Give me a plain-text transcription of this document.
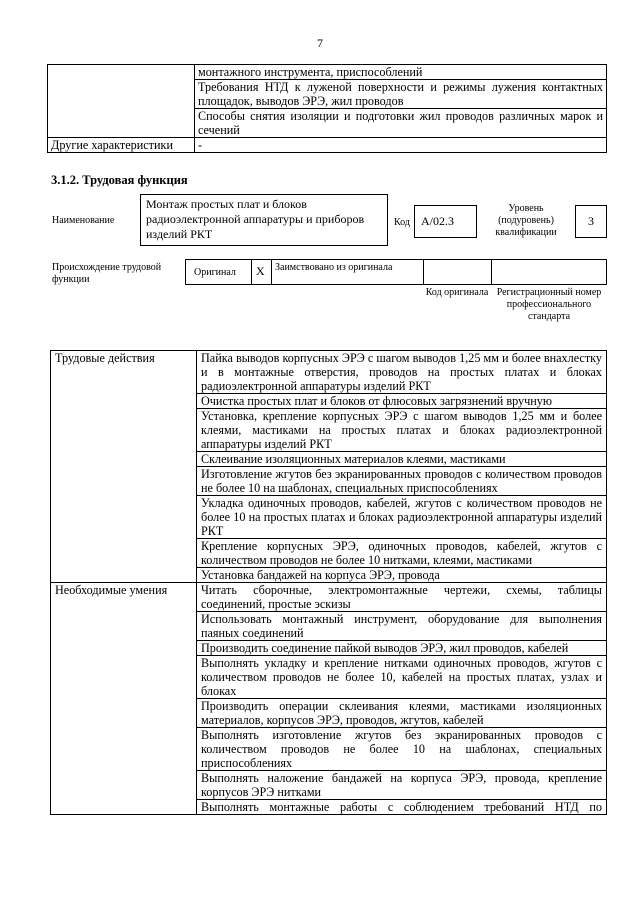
7
	монтажного инструмента, приспособлений
	Требования НТД к луженой поверхности и режимы лужения контактных площадок, выводов ЭРЭ, жил проводов
	Способы снятия изоляции и подготовки жил проводов различных марок и сечений
Другие характеристики	-
3.1.2. Трудовая функция
Наименование
Монтаж простых плат и блоков радиоэлектронной аппаратуры и приборов изделий РКТ
Код А/02.3
Уровень (подуровень) квалификации
3
Происхождение трудовой функции
Оригинал	X	Заимствовано из оригинала
Код оригинала Регистрационный номер профессионального стандарта
Трудовые действия	Пайка выводов корпусных ЭРЭ с шагом выводов 1,25 мм и более внахлестку и в монтажные отверстия, проводов на простых платах и блоках радиоэлектронной аппаратуры изделий РКТ
	Очистка простых плат и блоков от флюсовых загрязнений вручную
	Установка, крепление корпусных ЭРЭ с шагом выводов 1,25 мм и более клеями, мастиками на простых платах и блоках радиоэлектронной аппаратуры изделий РКТ
	Склеивание изоляционных материалов клеями, мастиками
	Изготовление жгутов без экранированных проводов с количеством проводов не более 10 на шаблонах, специальных приспособлениях
	Укладка одиночных проводов, кабелей, жгутов с количеством проводов не более 10 на простых платах и блоках радиоэлектронной аппаратуры изделий РКТ
	Крепление корпусных ЭРЭ, одиночных проводов, кабелей, жгутов с количеством проводов не более 10 нитками, клеями, мастиками
	Установка бандажей на корпуса ЭРЭ, провода
Необходимые умения	Читать сборочные, электромонтажные чертежи, схемы, таблицы соединений, простые эскизы
	Использовать монтажный инструмент, оборудование для выполнения паяных соединений
	Производить соединение пайкой выводов ЭРЭ, жил проводов, кабелей
	Выполнять укладку и крепление нитками одиночных проводов, жгутов с количеством проводов не более 10, кабелей на простых платах, узлах и блоках
	Производить операции склеивания клеями, мастиками изоляционных материалов, корпусов ЭРЭ, проводов, жгутов, кабелей
	Выполнять изготовление жгутов без экранированных проводов с количеством проводов не более 10 на шаблонах, специальных приспособлениях
	Выполнять наложение бандажей на корпуса ЭРЭ, провода, крепление корпусов ЭРЭ нитками
	Выполнять монтажные работы с соблюдением требований НТД по
